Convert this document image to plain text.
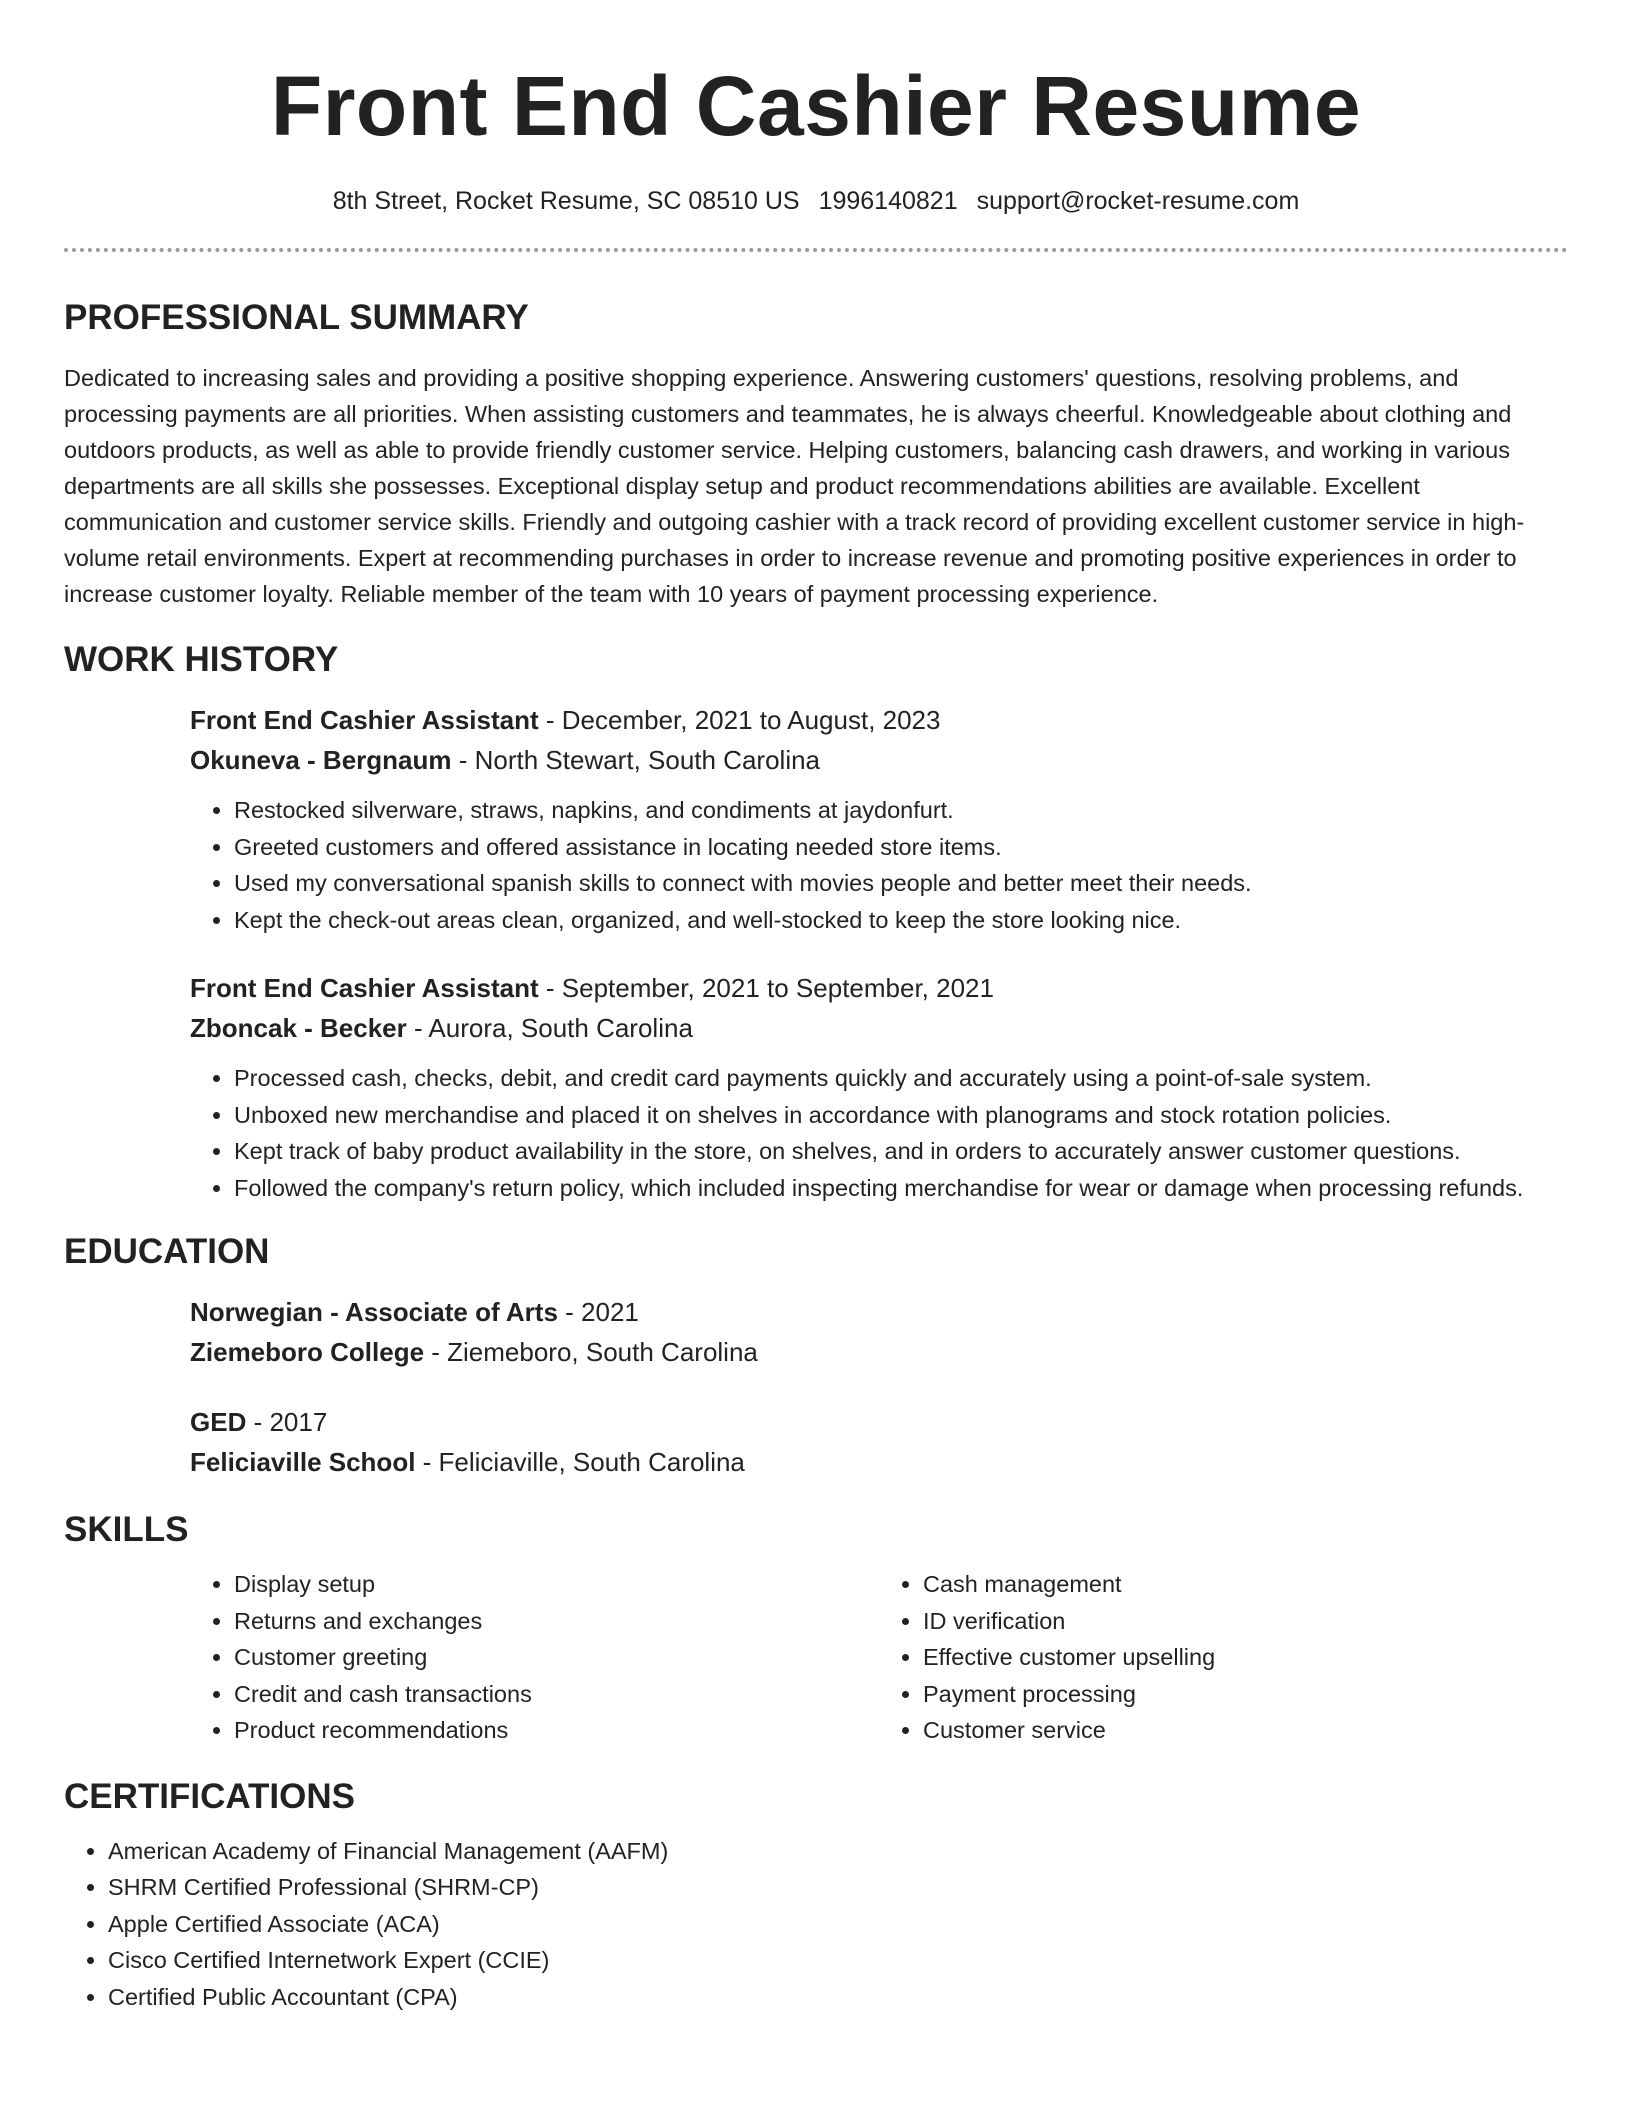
Front End Cashier Resume
8th Street, Rocket Resume, SC 08510 US 1996140821 support@rocket-resume.com
PROFESSIONAL SUMMARY

Dedicated to increasing sales and providing a positive shopping experience. Answering customers' questions, resolving problems, and processing payments are all priorities. When assisting customers and teammates, he is always cheerful. Knowledgeable about clothing and outdoors products, as well as able to provide friendly customer service. Helping customers, balancing cash drawers, and working in various departments are all skills she possesses. Exceptional display setup and product recommendations abilities are available. Excellent communication and customer service skills. Friendly and outgoing cashier with a track record of providing excellent customer service in high-volume retail environments. Expert at recommending purchases in order to increase revenue and promoting positive experiences in order to increase customer loyalty. Reliable member of the team with 10 years of payment processing experience.

WORK HISTORY
Front End Cashier Assistant - December, 2021 to August, 2023
Okuneva - Bergnaum - North Stewart, South Carolina
• Restocked silverware, straws, napkins, and condiments at jaydonfurt.
• Greeted customers and offered assistance in locating needed store items.
• Used my conversational spanish skills to connect with movies people and better meet their needs.
• Kept the check-out areas clean, organized, and well-stocked to keep the store looking nice.
Front End Cashier Assistant - September, 2021 to September, 2021
Zboncak - Becker - Aurora, South Carolina
• Processed cash, checks, debit, and credit card payments quickly and accurately using a point-of-sale system.
• Unboxed new merchandise and placed it on shelves in accordance with planograms and stock rotation policies.
• Kept track of baby product availability in the store, on shelves, and in orders to accurately answer customer questions.
• Followed the company's return policy, which included inspecting merchandise for wear or damage when processing refunds.
EDUCATION
Norwegian - Associate of Arts - 2021
Ziemeboro College - Ziemeboro, South Carolina
GED - 2017
Feliciaville School - Feliciaville, South Carolina
SKILLS
• Display setup
• Returns and exchanges
• Customer greeting
• Credit and cash transactions
• Product recommendations
• Cash management
• ID verification
• Effective customer upselling
• Payment processing
• Customer service
CERTIFICATIONS
• American Academy of Financial Management (AAFM)
• SHRM Certified Professional (SHRM-CP)
• Apple Certified Associate (ACA)
• Cisco Certified Internetwork Expert (CCIE)
• Certified Public Accountant (CPA)
